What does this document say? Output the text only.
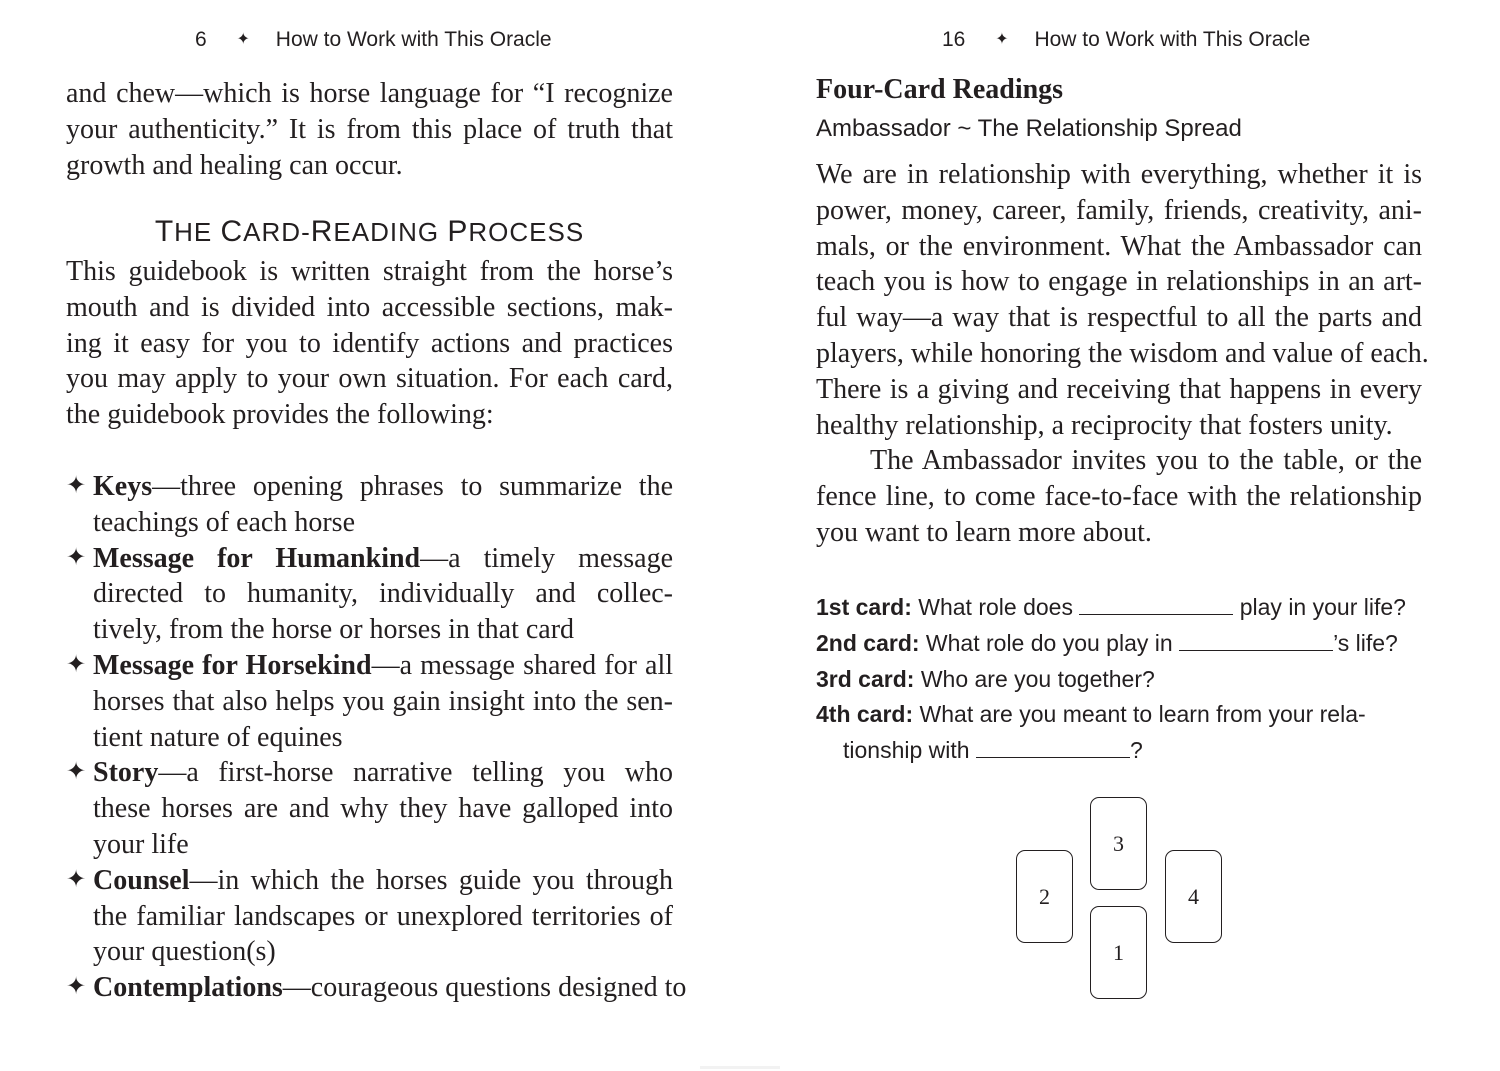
6 ✦ How to Work with This Oracle
and chew—which is horse language for “I recognize
your authenticity.” It is from this place of truth that
growth and healing can occur.
THE CARD-READING PROCESS
This guidebook is written straight from the horse’s
mouth and is divided into accessible sections, mak-
ing it easy for you to identify actions and practices
you may apply to your own situation. For each card,
the guidebook provides the following:
✦ Keys—three opening phrases to summarize the
teachings of each horse
✦ Message for Humankind—a timely message
directed to humanity, individually and collec-
tively, from the horse or horses in that card
✦ Message for Horsekind—a message shared for all
horses that also helps you gain insight into the sen-
tient nature of equines
✦ Story—a first-horse narrative telling you who
these horses are and why they have galloped into
your life
✦ Counsel—in which the horses guide you through
the familiar landscapes or unexplored territories of
your question(s)
✦ Contemplations—courageous questions designed to
16 ✦ How to Work with This Oracle
Four-Card Readings
Ambassador ~ The Relationship Spread
We are in relationship with everything, whether it is
power, money, career, family, friends, creativity, ani-
mals, or the environment. What the Ambassador can
teach you is how to engage in relationships in an art-
ful way—a way that is respectful to all the parts and
players, while honoring the wisdom and value of each.
There is a giving and receiving that happens in every
healthy relationship, a reciprocity that fosters unity.
The Ambassador invites you to the table, or the
fence line, to come face-to-face with the relationship
you want to learn more about.
1st card: What role does	play in your life?
2nd card: What role do you play in	’s life?
3rd card: Who are you together?
4th card: What are you meant to learn from your rela-
tionship with	?
3
2	4
1
